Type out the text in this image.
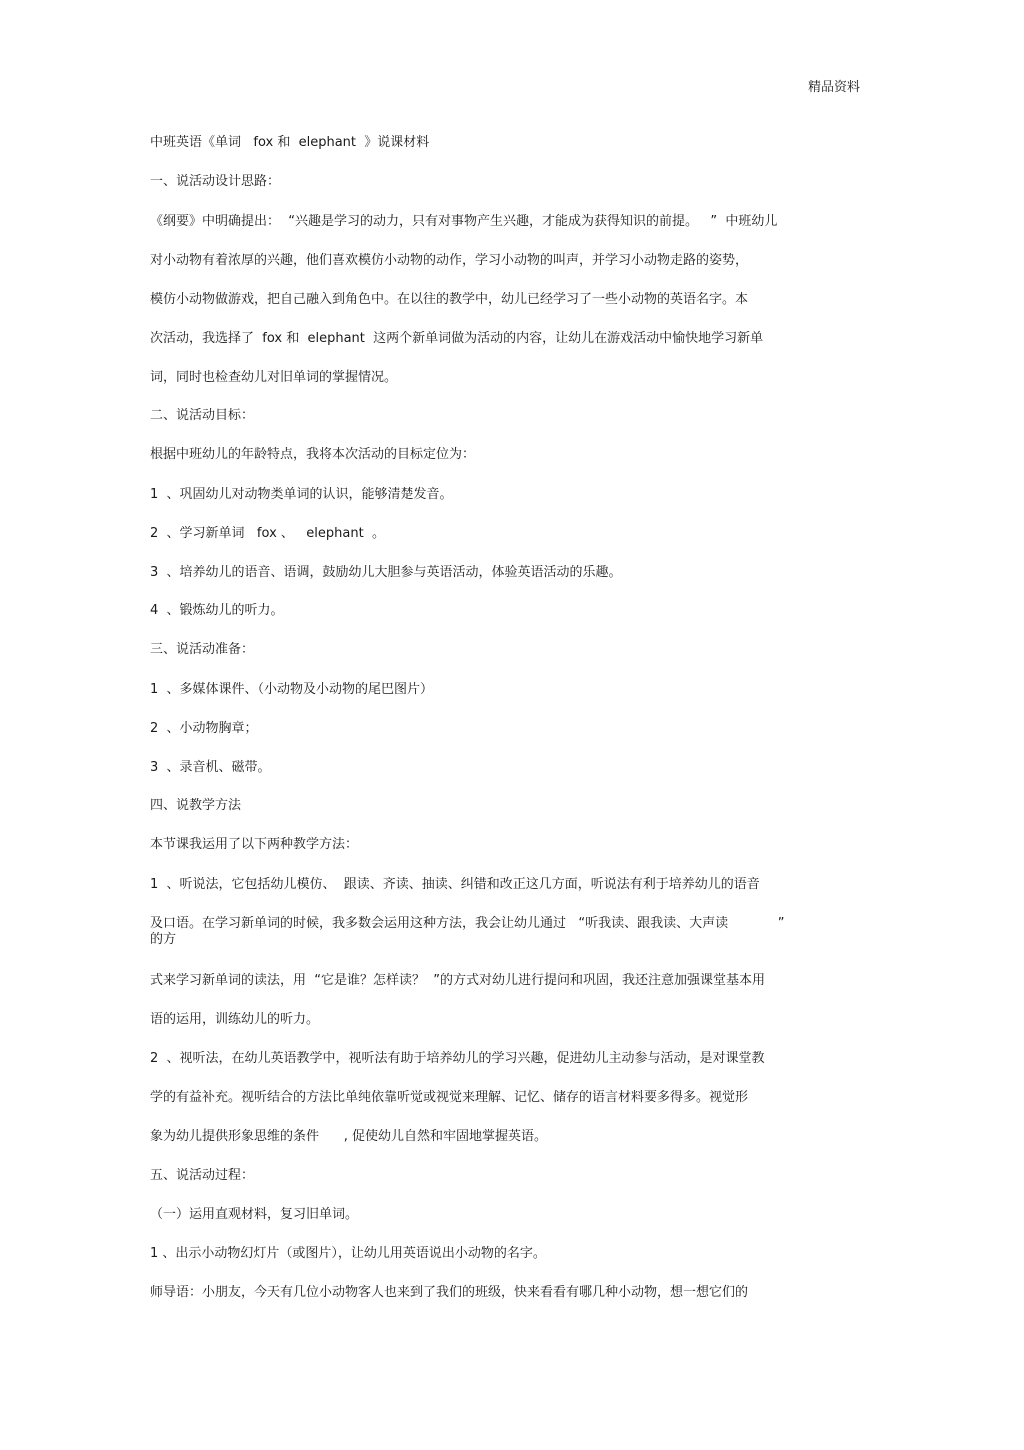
精品资料
中班英语《单词   fox 和  elephant  》说课材料
一、说活动设计思路：
《纲要》中明确提出：  “兴趣是学习的动力，只有对事物产生兴趣，才能成为获得知识的前提。   ”  中班幼儿
对小动物有着浓厚的兴趣，他们喜欢模仿小动物的动作，学习小动物的叫声，并学习小动物走路的姿势，
模仿小动物做游戏，把自己融入到角色中。在以往的教学中，幼儿已经学习了一些小动物的英语名字。本
次活动，我选择了  fox 和  elephant  这两个新单词做为活动的内容，让幼儿在游戏活动中愉快地学习新单
词，同时也检查幼儿对旧单词的掌握情况。
二、说活动目标：
根据中班幼儿的年龄特点，我将本次活动的目标定位为：
1  、巩固幼儿对动物类单词的认识，能够清楚发音。
2  、学习新单词   fox 、   elephant  。
3  、培养幼儿的语音、语调，鼓励幼儿大胆参与英语活动，体验英语活动的乐趣。
4  、锻炼幼儿的听力。
三、说活动准备：
1  、多媒体课件、（小动物及小动物的尾巴图片）
2  、小动物胸章；
3  、录音机、磁带。
四、说教学方法
本节课我运用了以下两种教学方法：
1  、听说法，它包括幼儿模仿、  跟读、齐读、抽读、纠错和改正这几方面，听说法有利于培养幼儿的语音
及口语。在学习新单词的时候，我多数会运用这种方法，我会让幼儿通过   “听我读、跟我读、大声读            ”
的方
式来学习新单词的读法，用  “它是谁？怎样读？  ”的方式对幼儿进行提问和巩固，我还注意加强课堂基本用
语的运用，训练幼儿的听力。
2  、视听法，在幼儿英语教学中，视听法有助于培养幼儿的学习兴趣，促进幼儿主动参与活动，是对课堂教
学的有益补充。视听结合的方法比单纯依靠听觉或视觉来理解、记忆、储存的语言材料要多得多。视觉形
象为幼儿提供形象思维的条件      , 促使幼儿自然和牢固地掌握英语。
五、说活动过程：
（一）运用直观材料，复习旧单词。
1 、出示小动物幻灯片（或图片），让幼儿用英语说出小动物的名字。
师导语：小朋友，今天有几位小动物客人也来到了我们的班级，快来看看有哪几种小动物，想一想它们的
